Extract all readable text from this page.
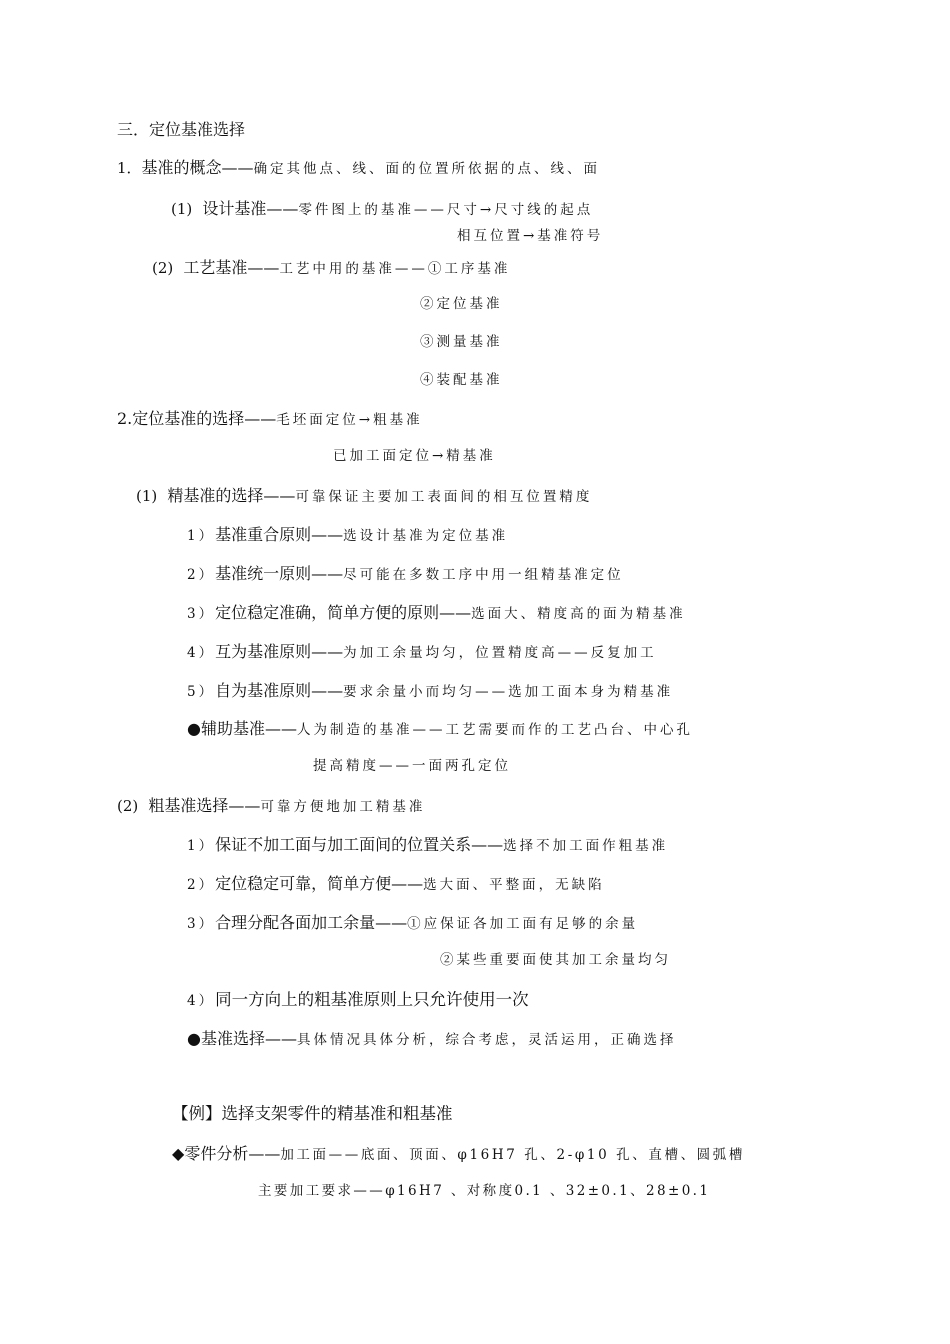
三．定位基准选择
1．基准的概念——确定其他点、线、面的位置所依据的点、线、面
(1) 设计基准——零件图上的基准——尺寸→尺寸线的起点
相互位置→基准符号
(2) 工艺基准——工艺中用的基准——①工序基准
②定位基准
③测量基准
④装配基准
2.定位基准的选择——毛坯面定位→粗基准
已加工面定位→精基准
(1) 精基准的选择——可靠保证主要加工表面间的相互位置精度
1）基准重合原则——选设计基准为定位基准
2）基准统一原则——尽可能在多数工序中用一组精基准定位
3）定位稳定准确，简单方便的原则——选面大、精度高的面为精基准
4）互为基准原则——为加工余量均匀，位置精度高——反复加工
5）自为基准原则——要求余量小而均匀——选加工面本身为精基准
●辅助基准——人为制造的基准——工艺需要而作的工艺凸台、中心孔
提高精度——一面两孔定位
(2) 粗基准选择——可靠方便地加工精基准
1）保证不加工面与加工面间的位置关系——选择不加工面作粗基准
2）定位稳定可靠，简单方便——选大面、平整面，无缺陷
3）合理分配各面加工余量——①应保证各加工面有足够的余量
②某些重要面使其加工余量均匀
4）同一方向上的粗基准原则上只允许使用一次
●基准选择——具体情况具体分析，综合考虑，灵活运用，正确选择
【例】选择支架零件的精基准和粗基准
◆零件分析——加工面——底面、顶面、φ16H7 孔、2-φ10 孔、直槽、圆弧槽
主要加工要求——φ16H7 、对称度0.1 、32±0.1、28±0.1
